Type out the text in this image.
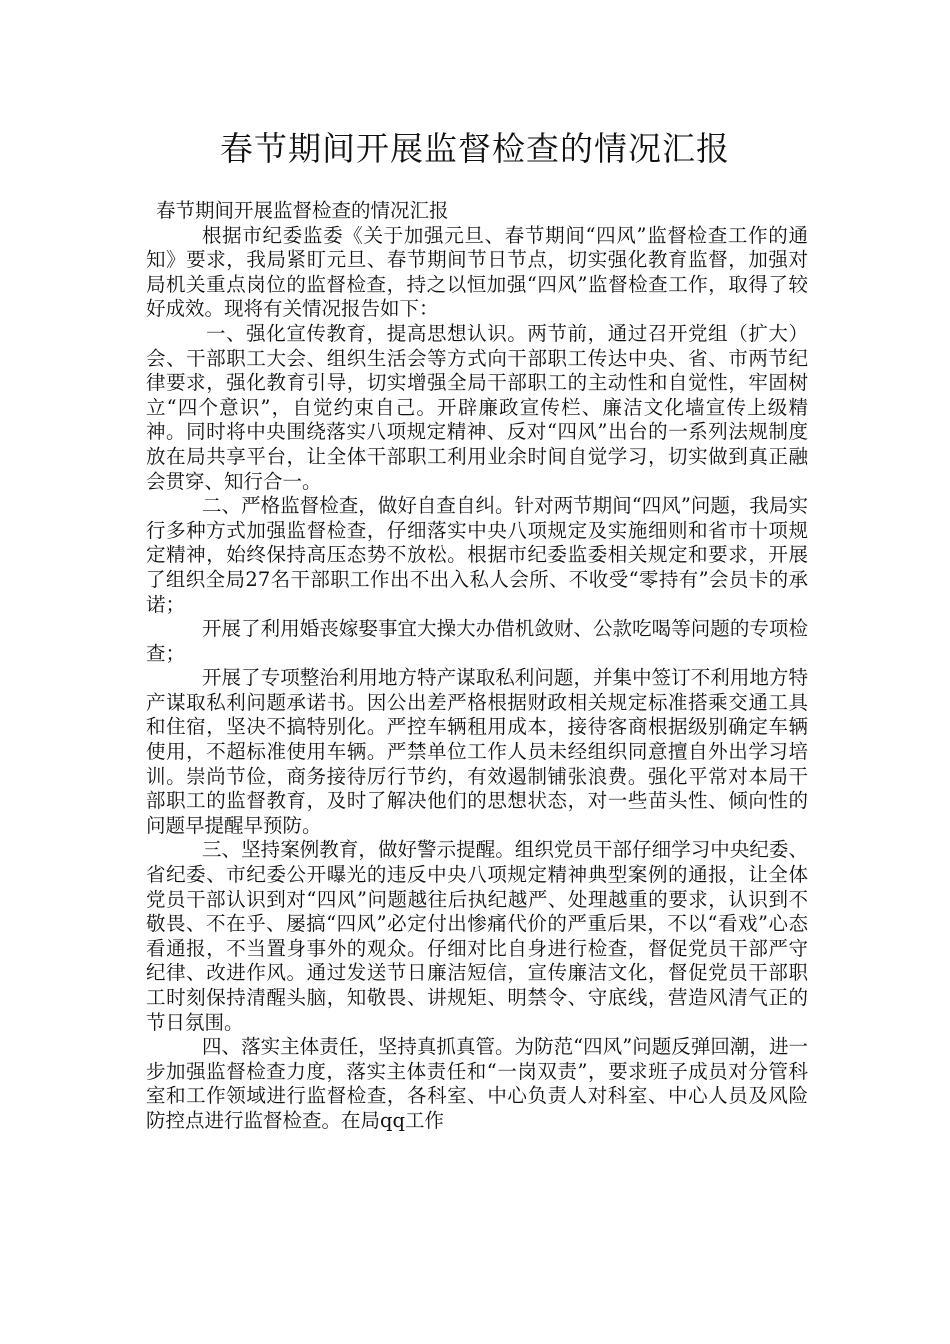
春节期间开展监督检查的情况汇报

春节期间开展监督检查的情况汇报

根据市纪委监委《关于加强元旦、春节期间“四风”监督检查工作的通知》要求，我局紧盯元旦、春节期间节日节点，切实强化教育监督，加强对局机关重点岗位的监督检查，持之以恒加强“四风”监督检查工作，取得了较好成效。现将有关情况报告如下：

一、强化宣传教育，提高思想认识。两节前，通过召开党组（扩大）会、干部职工大会、组织生活会等方式向干部职工传达中央、省、市两节纪律要求，强化教育引导，切实增强全局干部职工的主动性和自觉性，牢固树立“四个意识”，自觉约束自己。开辟廉政宣传栏、廉洁文化墙宣传上级精神。同时将中央围绕落实八项规定精神、反对“四风”出台的一系列法规制度放在局共享平台，让全体干部职工利用业余时间自觉学习，切实做到真正融会贯穿、知行合一。

二、严格监督检查，做好自查自纠。针对两节期间“四风”问题，我局实行多种方式加强监督检查，仔细落实中央八项规定及实施细则和省市十项规定精神，始终保持高压态势不放松。根据市纪委监委相关规定和要求，开展了组织全局27名干部职工作出不出入私人会所、不收受“零持有”会员卡的承诺；

开展了利用婚丧嫁娶事宜大操大办借机敛财、公款吃喝等问题的专项检查；

开展了专项整治利用地方特产谋取私利问题，并集中签订不利用地方特产谋取私利问题承诺书。因公出差严格根据财政相关规定标准搭乘交通工具和住宿，坚决不搞特别化。严控车辆租用成本，接待客商根据级别确定车辆使用，不超标准使用车辆。严禁单位工作人员未经组织同意擅自外出学习培训。崇尚节俭，商务接待厉行节约，有效遏制铺张浪费。强化平常对本局干部职工的监督教育，及时了解决他们的思想状态，对一些苗头性、倾向性的问题早提醒早预防。

三、坚持案例教育，做好警示提醒。组织党员干部仔细学习中央纪委、省纪委、市纪委公开曝光的违反中央八项规定精神典型案例的通报，让全体党员干部认识到对“四风”问题越往后执纪越严、处理越重的要求，认识到不敬畏、不在乎、屡搞“四风”必定付出惨痛代价的严重后果，不以“看戏”心态看通报，不当置身事外的观众。仔细对比自身进行检查，督促党员干部严守纪律、改进作风。通过发送节日廉洁短信，宣传廉洁文化，督促党员干部职工时刻保持清醒头脑，知敬畏、讲规矩、明禁令、守底线，营造风清气正的节日氛围。

四、落实主体责任，坚持真抓真管。为防范“四风”问题反弹回潮，进一步加强监督检查力度，落实主体责任和“一岗双责”，要求班子成员对分管科室和工作领域进行监督检查，各科室、中心负责人对科室、中心人员及风险防控点进行监督检查。在局qq工作
